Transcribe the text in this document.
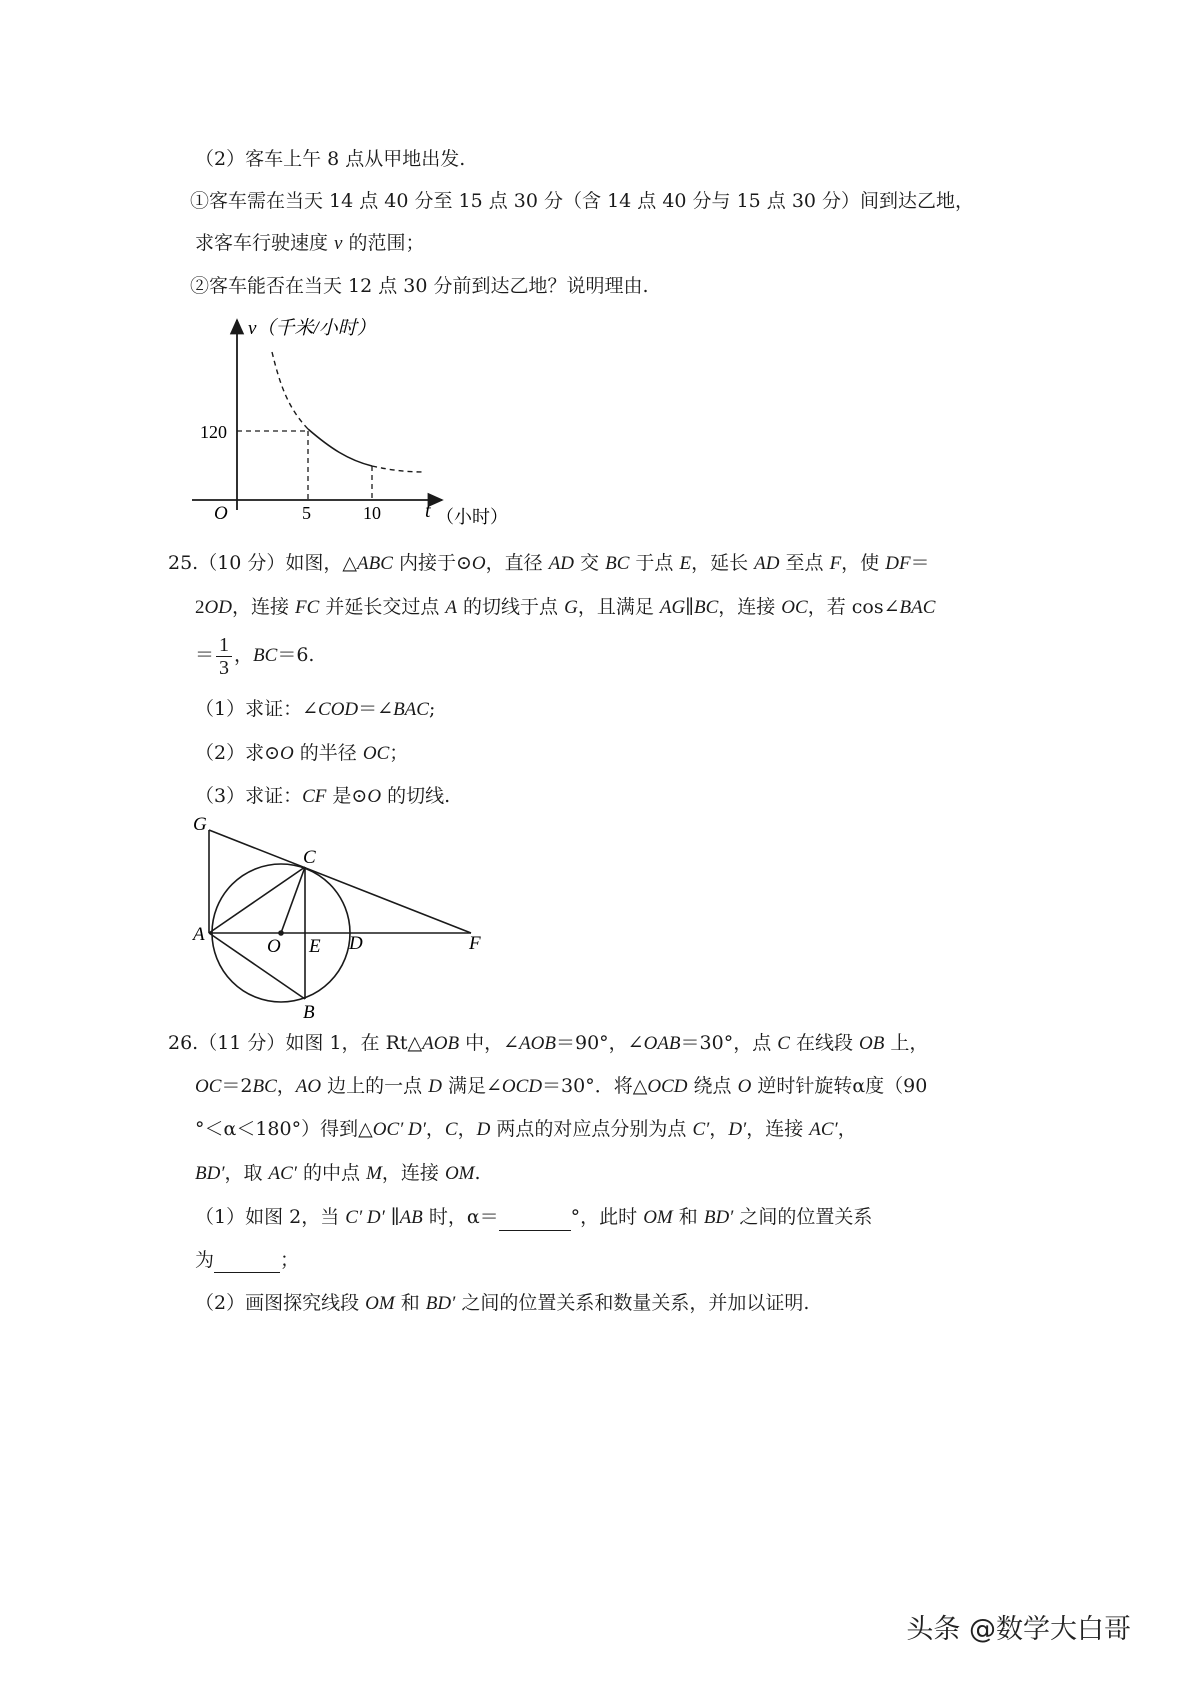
（2）客车上午 8 点从甲地出发.
①客车需在当天 14 点 40 分至 15 点 30 分（含 14 点 40 分与 15 点 30 分）间到达乙地，
求客车行驶速度 v 的范围；
②客车能否在当天 12 点 30 分前到达乙地？说明理由.
v（千米/小时）
120
O	5	10 t （小时）
25.（10 分）如图，△ABC 内接于⊙O，直径 AD 交 BC 于点 E，延长 AD 至点 F，使 DF＝
2OD，连接 FC 并延长交过点 A 的切线于点 G，且满足 AG∥BC，连接 OC，若 cos∠BAC
＝ $\frac{1}{3}$ ，BC＝6.
（1）求证：∠COD＝∠BAC;
（2）求⊙O 的半径 OC；
（3）求证：CF 是⊙O 的切线.
G
C
A
O E D	F
B
26.（11 分）如图 1，在 Rt△AOB 中，∠AOB＝90°，∠OAB＝30°，点 C 在线段 OB 上，
OC＝2BC，AO 边上的一点 D 满足∠OCD＝30°．将△OCD 绕点 O 逆时针旋转α度（90
°＜α＜180°）得到△OC′ D′，C，D 两点的对应点分别为点 C′，D′，连接 AC′，
BD′，取 AC′ 的中点 M，连接 OM.
（1）如图 2，当 C′ D′ ∥AB 时，α＝	°，此时 OM 和 BD′ 之间的位置关系
为	；
（2）画图探究线段 OM 和 BD′ 之间的位置关系和数量关系，并加以证明.
头条 @数学大白哥
